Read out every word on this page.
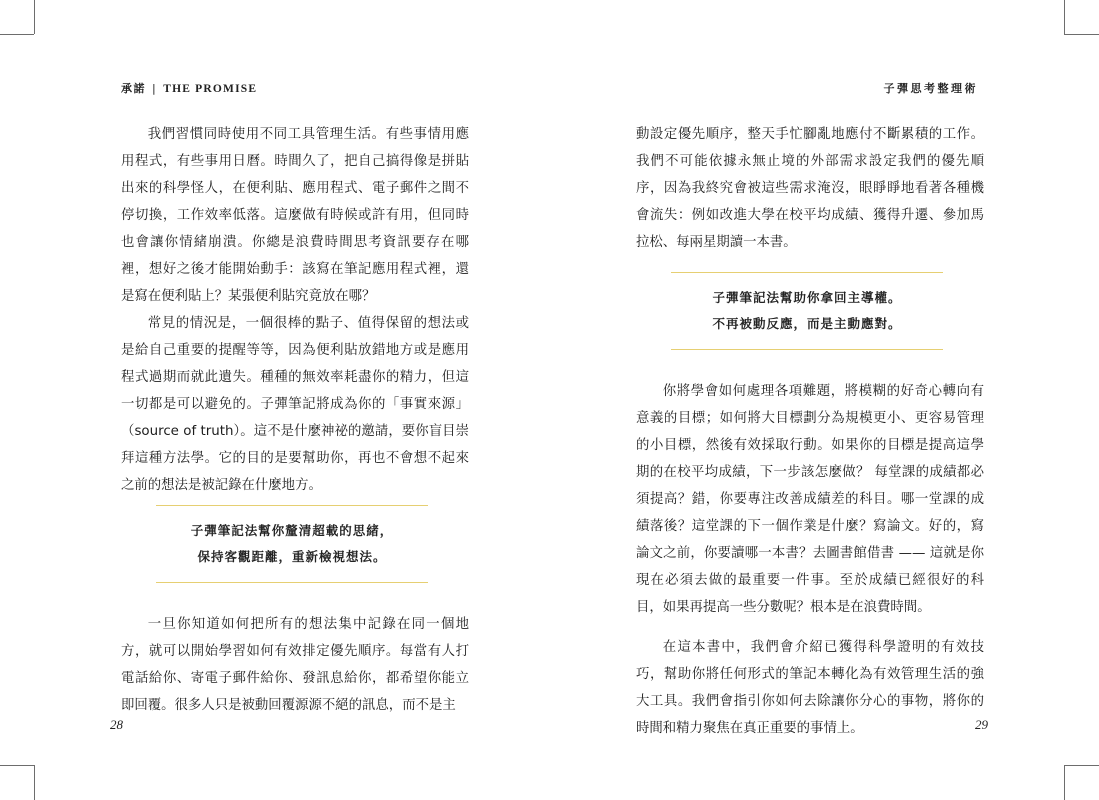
承諾 | THE PROMISE

我們習慣同時使用不同工具管理生活。有些事情用應用程式，有些事用日曆。時間久了，把自己搞得像是拼貼出來的科學怪人，在便利貼、應用程式、電子郵件之間不停切換，工作效率低落。這麼做有時候或許有用，但同時也會讓你情緒崩潰。你總是浪費時間思考資訊要存在哪裡，想好之後才能開始動手：該寫在筆記應用程式裡，還是寫在便利貼上？某張便利貼究竟放在哪？

常見的情況是，一個很棒的點子、值得保留的想法或是給自己重要的提醒等等，因為便利貼放錯地方或是應用程式過期而就此遺失。種種的無效率耗盡你的精力，但這一切都是可以避免的。子彈筆記將成為你的「事實來源」（source of truth）。這不是什麼神祕的邀請，要你盲目崇拜這種方法學。它的目的是要幫助你，再也不會想不起來之前的想法是被記錄在什麼地方。

子彈筆記法幫你釐清超載的思緒，
保持客觀距離，重新檢視想法。

一旦你知道如何把所有的想法集中記錄在同一個地方，就可以開始學習如何有效排定優先順序。每當有人打電話給你、寄電子郵件給你、發訊息給你，都希望你能立即回覆。很多人只是被動回覆源源不絕的訊息，而不是主

28
子彈思考整理術

動設定優先順序，整天手忙腳亂地應付不斷累積的工作。我們不可能依據永無止境的外部需求設定我們的優先順序，因為我終究會被這些需求淹沒，眼睜睜地看著各種機會流失：例如改進大學在校平均成績、獲得升遷、參加馬拉松、每兩星期讀一本書。

子彈筆記法幫助你拿回主導權。
不再被動反應，而是主動應對。

你將學會如何處理各項難題，將模糊的好奇心轉向有意義的目標；如何將大目標劃分為規模更小、更容易管理的小目標，然後有效採取行動。如果你的目標是提高這學期的在校平均成績，下一步該怎麼做？ 每堂課的成績都必須提高？錯，你要專注改善成績差的科目。哪一堂課的成績落後？這堂課的下一個作業是什麼？寫論文。好的，寫論文之前，你要讀哪一本書？去圖書館借書 —— 這就是你現在必須去做的最重要一件事。至於成績已經很好的科目，如果再提高一些分數呢？根本是在浪費時間。

在這本書中，我們會介紹已獲得科學證明的有效技巧，幫助你將任何形式的筆記本轉化為有效管理生活的強大工具。我們會指引你如何去除讓你分心的事物，將你的時間和精力聚焦在真正重要的事情上。	29
